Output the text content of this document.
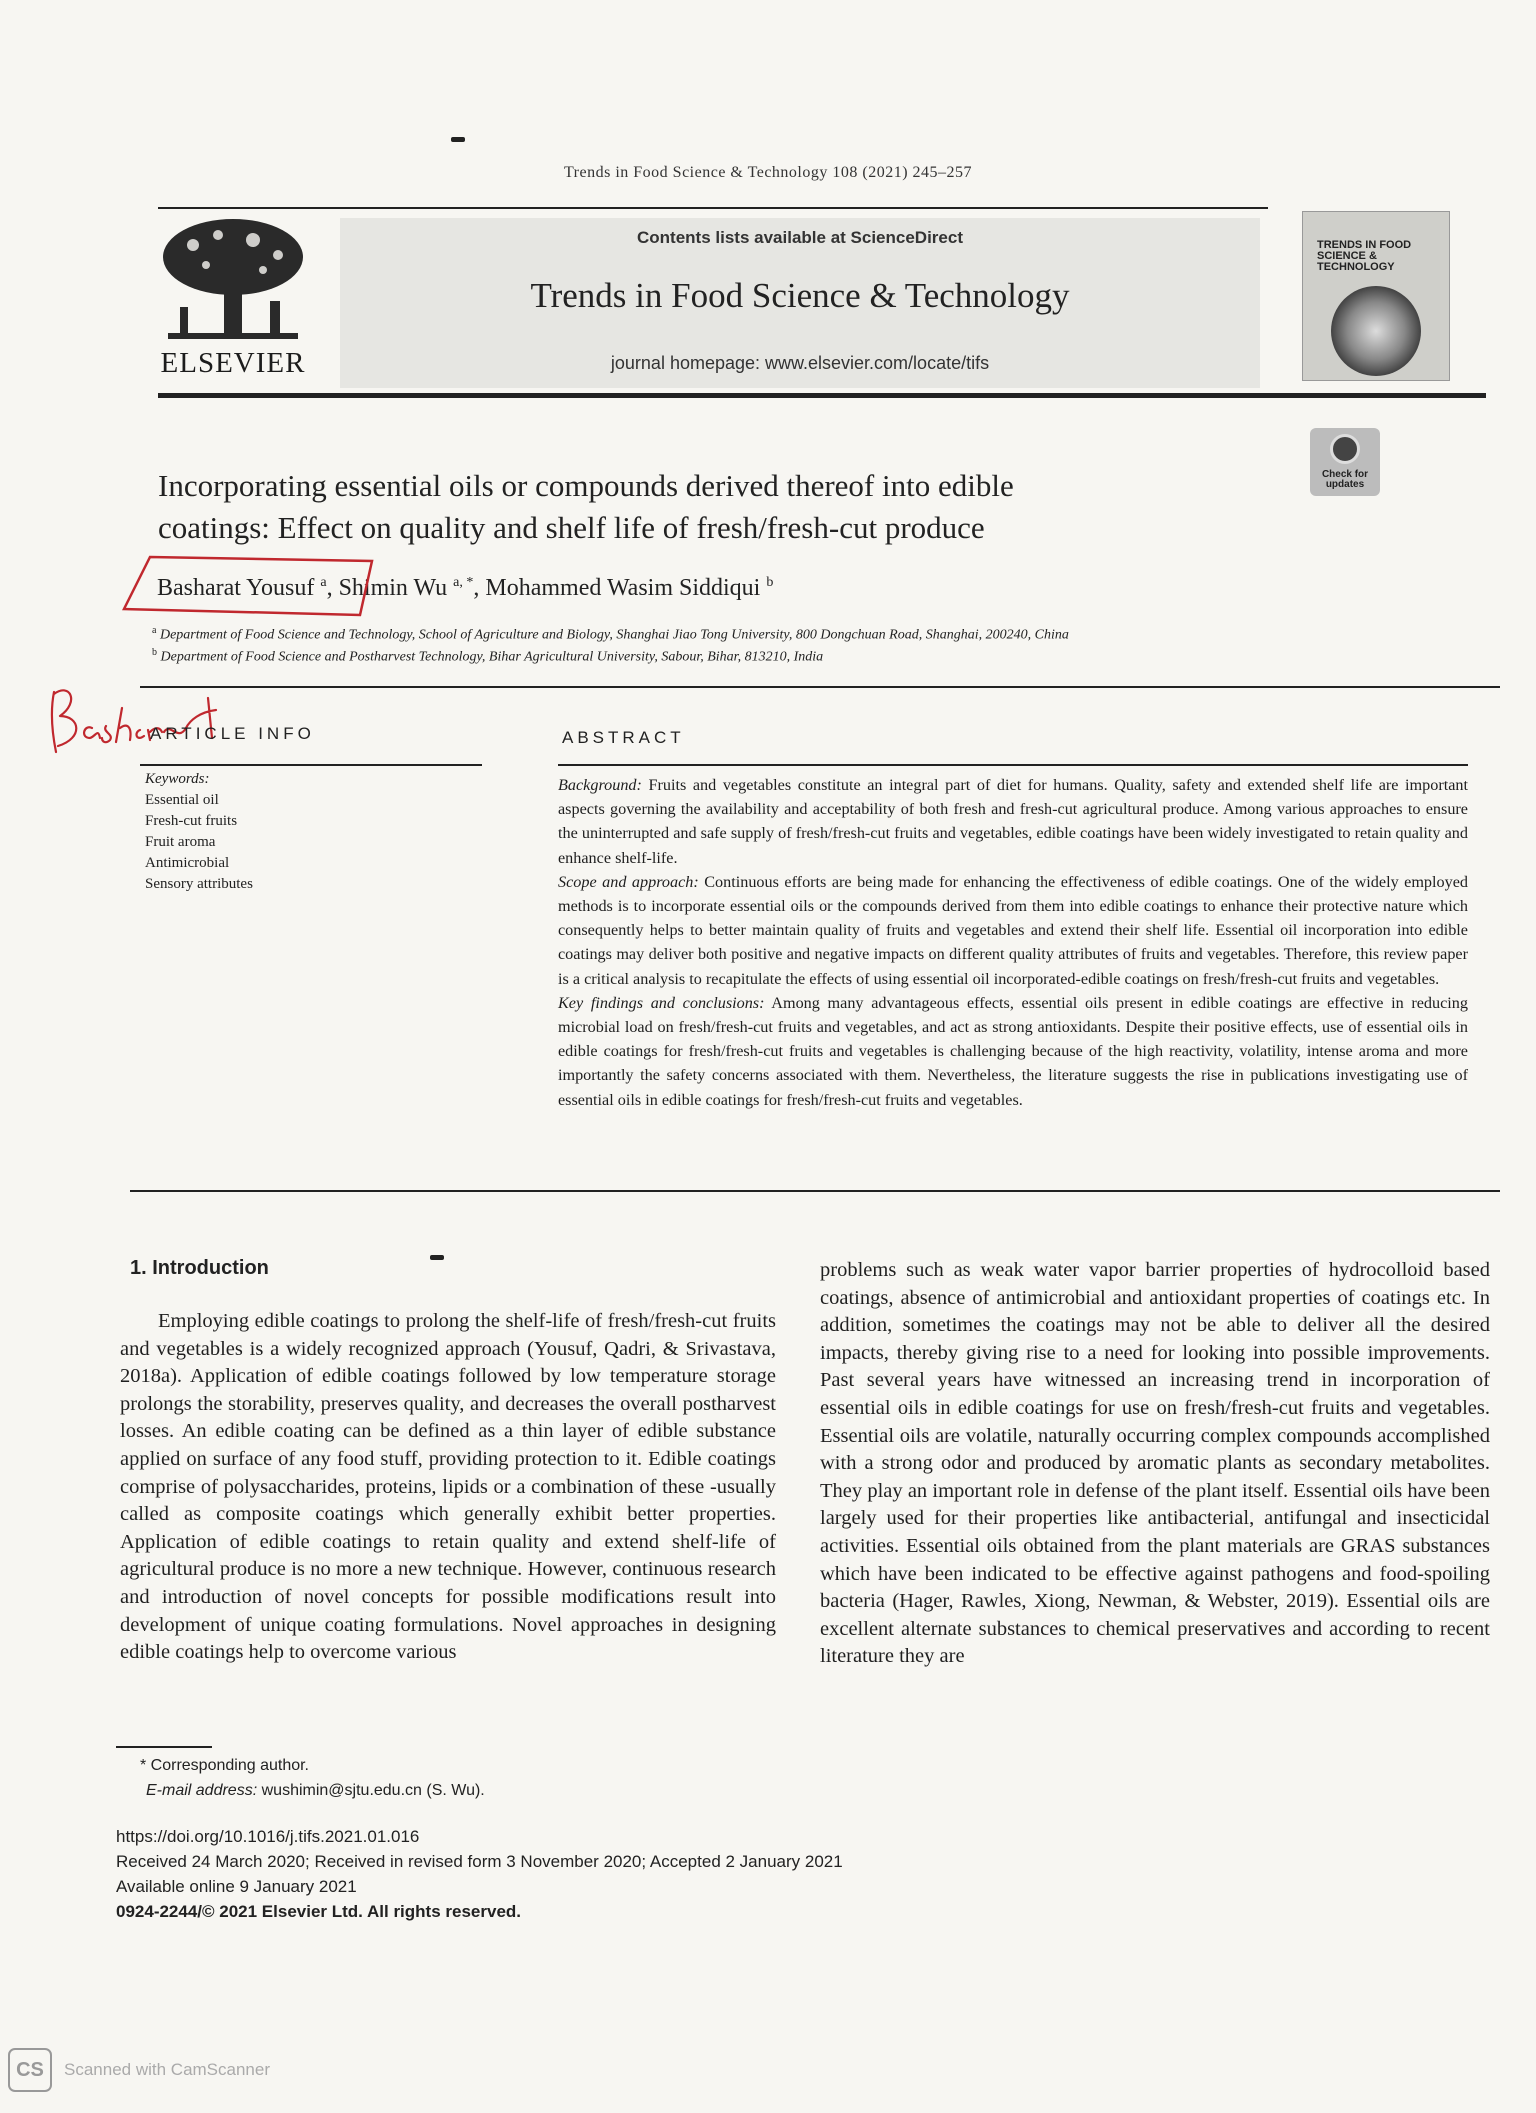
Trends in Food Science & Technology 108 (2021) 245–257
ELSEVIER
Contents lists available at ScienceDirect
Trends in Food Science & Technology
journal homepage: www.elsevier.com/locate/tifs
TRENDS IN FOOD SCIENCE & TECHNOLOGY
Check for updates
Incorporating essential oils or compounds derived thereof into edible
coatings: Effect on quality and shelf life of fresh/fresh-cut produce
Basharat Yousuf $^a$, Shimin Wu $^{a, *}$, Mohammed Wasim Siddiqui $^b$
$^a$ Department of Food Science and Technology, School of Agriculture and Biology, Shanghai Jiao Tong University, 800 Dongchuan Road, Shanghai, 200240, China
$^b$ Department of Food Science and Postharvest Technology, Bihar Agricultural University, Sabour, Bihar, 813210, India
ARTICLE INFO
Keywords:
Essential oil
Fresh-cut fruits
Fruit aroma
Antimicrobial
Sensory attributes
ABSTRACT
Background: Fruits and vegetables constitute an integral part of diet for humans. Quality, safety and extended shelf life are important aspects governing the availability and acceptability of both fresh and fresh-cut agricultural produce. Among various approaches to ensure the uninterrupted and safe supply of fresh/fresh-cut fruits and vegetables, edible coatings have been widely investigated to retain quality and enhance shelf-life.
Scope and approach: Continuous efforts are being made for enhancing the effectiveness of edible coatings. One of the widely employed methods is to incorporate essential oils or the compounds derived from them into edible coatings to enhance their protective nature which consequently helps to better maintain quality of fruits and vegetables and extend their shelf life. Essential oil incorporation into edible coatings may deliver both positive and negative impacts on different quality attributes of fruits and vegetables. Therefore, this review paper is a critical analysis to recapitulate the effects of using essential oil incorporated-edible coatings on fresh/fresh-cut fruits and vegetables.
Key findings and conclusions: Among many advantageous effects, essential oils present in edible coatings are effective in reducing microbial load on fresh/fresh-cut fruits and vegetables, and act as strong antioxidants. Despite their positive effects, use of essential oils in edible coatings for fresh/fresh-cut fruits and vegetables is challenging because of the high reactivity, volatility, intense aroma and more importantly the safety concerns associated with them. Nevertheless, the literature suggests the rise in publications investigating use of essential oils in edible coatings for fresh/fresh-cut fruits and vegetables.
1. Introduction
Employing edible coatings to prolong the shelf-life of fresh/fresh-cut fruits and vegetables is a widely recognized approach (Yousuf, Qadri, & Srivastava, 2018a). Application of edible coatings followed by low temperature storage prolongs the storability, preserves quality, and decreases the overall postharvest losses. An edible coating can be defined as a thin layer of edible substance applied on surface of any food stuff, providing protection to it. Edible coatings comprise of polysaccharides, proteins, lipids or a combination of these -usually called as composite coatings which generally exhibit better properties. Application of edible coatings to retain quality and extend shelf-life of agricultural produce is no more a new technique. However, continuous research and introduction of novel concepts for possible modifications result into development of unique coating formulations. Novel approaches in designing edible coatings help to overcome various
problems such as weak water vapor barrier properties of hydrocolloid based coatings, absence of antimicrobial and antioxidant properties of coatings etc. In addition, sometimes the coatings may not be able to deliver all the desired impacts, thereby giving rise to a need for looking into possible improvements. Past several years have witnessed an increasing trend in incorporation of essential oils in edible coatings for use on fresh/fresh-cut fruits and vegetables. Essential oils are volatile, naturally occurring complex compounds accomplished with a strong odor and produced by aromatic plants as secondary metabolites. They play an important role in defense of the plant itself. Essential oils have been largely used for their properties like antibacterial, antifungal and insecticidal activities. Essential oils obtained from the plant materials are GRAS substances which have been indicated to be effective against pathogens and food-spoiling bacteria (Hager, Rawles, Xiong, Newman, & Webster, 2019). Essential oils are excellent alternate substances to chemical preservatives and according to recent literature they are
* Corresponding author.
E-mail address: wushimin@sjtu.edu.cn (S. Wu).
https://doi.org/10.1016/j.tifs.2021.01.016
Received 24 March 2020; Received in revised form 3 November 2020; Accepted 2 January 2021
Available online 9 January 2021
0924-2244/© 2021 Elsevier Ltd. All rights reserved.
CS	Scanned with CamScanner
